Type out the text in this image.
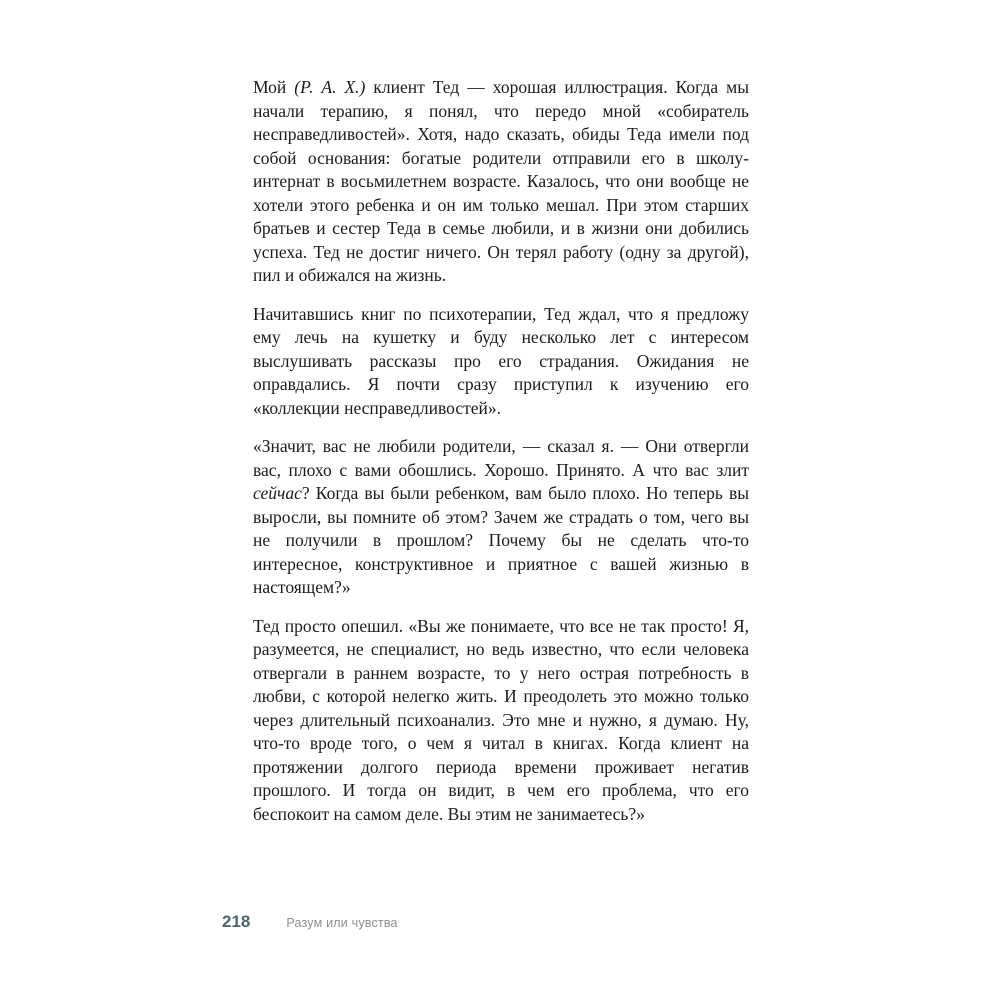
Мой (Р. А. Х.) клиент Тед — хорошая иллюстрация. Когда мы начали терапию, я понял, что передо мной «собиратель несправедливостей». Хотя, надо сказать, обиды Теда имели под собой основания: богатые родители отправили его в школу-интернат в восьмилетнем возрасте. Казалось, что они вообще не хотели этого ребенка и он им только мешал. При этом старших братьев и сестер Теда в семье любили, и в жизни они добились успеха. Тед не достиг ничего. Он терял работу (одну за другой), пил и обижался на жизнь.

Начитавшись книг по психотерапии, Тед ждал, что я предложу ему лечь на кушетку и буду несколько лет с интересом выслушивать рассказы про его страдания. Ожидания не оправдались. Я почти сразу приступил к изучению его «коллекции несправедливостей».

«Значит, вас не любили родители, — сказал я. — Они отвергли вас, плохо с вами обошлись. Хорошо. Принято. А что вас злит сейчас? Когда вы были ребенком, вам было плохо. Но теперь вы выросли, вы помните об этом? Зачем же страдать о том, чего вы не получили в прошлом? Почему бы не сделать что-то интересное, конструктивное и приятное с вашей жизнью в настоящем?»

Тед просто опешил. «Вы же понимаете, что все не так просто! Я, разумеется, не специалист, но ведь известно, что если человека отвергали в раннем возрасте, то у него острая потребность в любви, с которой нелегко жить. И преодолеть это можно только через длительный психоанализ. Это мне и нужно, я думаю. Ну, что-то вроде того, о чем я читал в книгах. Когда клиент на протяжении долгого периода времени проживает негатив прошлого. И тогда он видит, в чем его проблема, что его беспокоит на самом деле. Вы этим не занимаетесь?»

218	Разум или чувства
